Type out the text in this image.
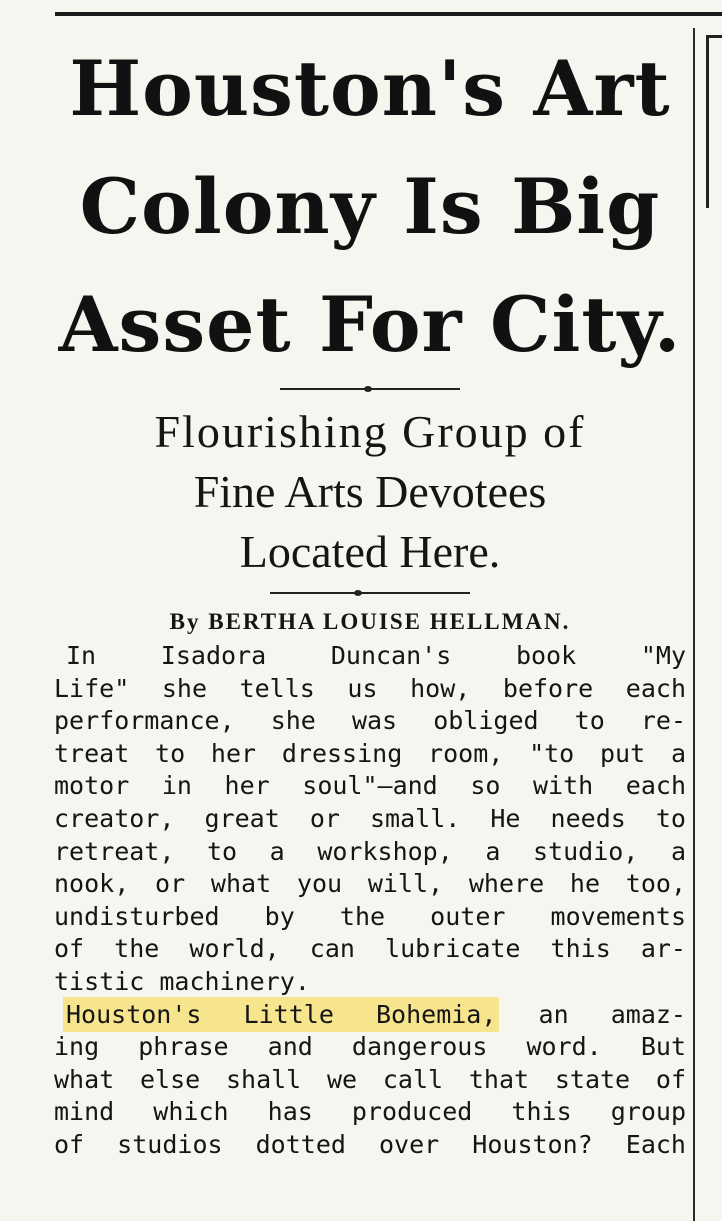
Houston's Art
Colony Is Big
Asset For City.
Flourishing Group of
Fine Arts Devotees
Located Here.

By BERTHA LOUISE HELLMAN.

In Isadora Duncan's book "My
Life" she tells us how, before each
performance, she was obliged to re-
treat to her dressing room, "to put a
motor in her soul"—and so with each
creator, great or small. He needs to
retreat, to a workshop, a studio, a
nook, or what you will, where he too,
undisturbed by the outer movements
of the world, can lubricate this ar-
tistic machinery.
Houston's Little Bohemia, an amaz-
ing phrase and dangerous word. But
what else shall we call that state of
mind which has produced this group
of studios dotted over Houston? Each
